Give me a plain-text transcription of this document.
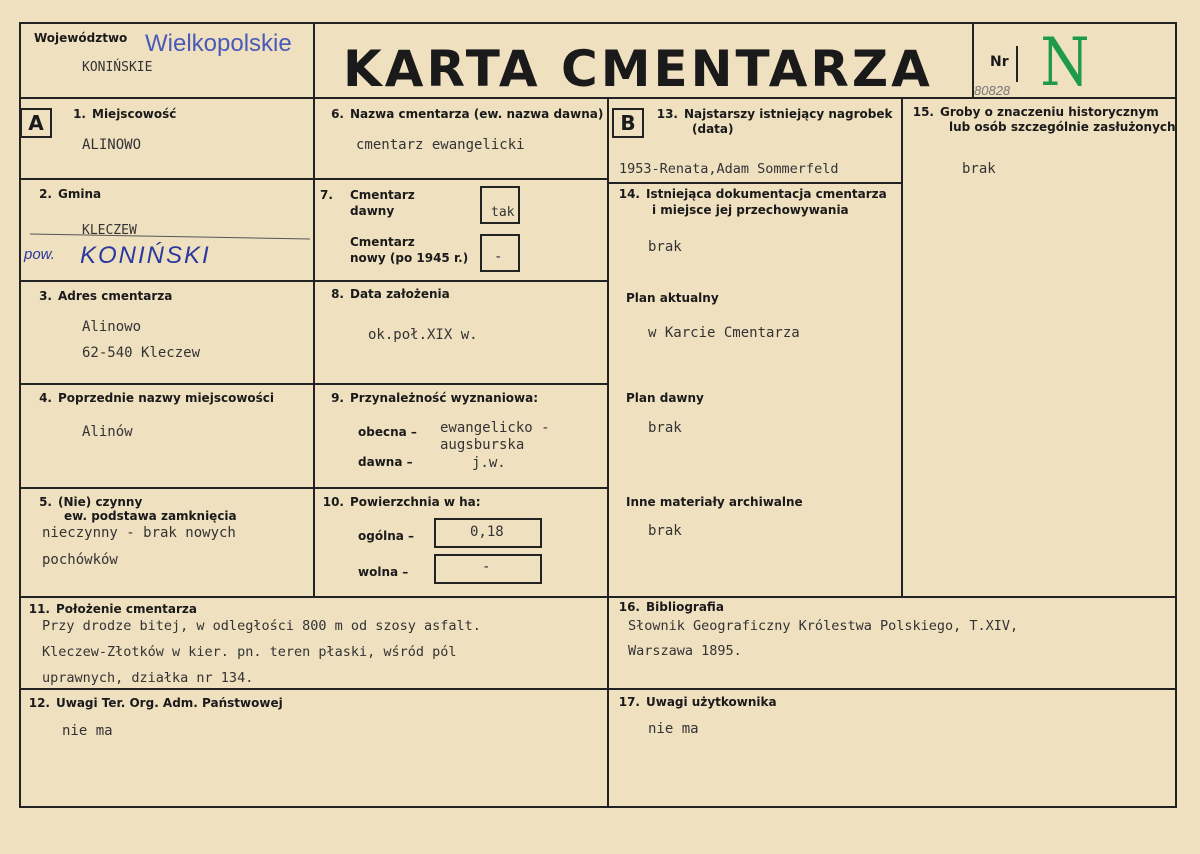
Województwo Wielkopolskie
KONIŃSKIE	KARTA CMENTARZA	Nr N
80828
A	1. Miejscowość
ALINOWO
2. Gmina
KLECZEW
pow. KONIŃSKI
3. Adres cmentarza
Alinowo
62-540 Kleczew
4. Poprzednie nazwy miejscowości
Alinów
5. (Nie) czynny
ew. podstawa zamknięcia
nieczynny - brak nowych
pochówków
6. Nazwa cmentarza (ew. nazwa dawna)
cmentarz ewangelicki
7. Cmentarz
dawny	tak
Cmentarz
nowy (po 1945 r.) -
8. Data założenia
ok.poł.XIX w.
9. Przynależność wyznaniowa:
obecna – ewangelicko -
augsburska
dawna –	j.w.
10. Powierzchnia w ha:
ogólna –	0,18
wolna –	-
B	13. Najstarszy istniejący nagrobek
(data)
1953-Renata,Adam Sommerfeld
14. Istniejąca dokumentacja cmentarza
i miejsce jej przechowywania
brak
Plan aktualny
w Karcie Cmentarza
Plan dawny
brak
Inne materiały archiwalne
brak
15. Groby o znaczeniu historycznym
lub osób szczególnie zasłużonych
brak
11. Położenie cmentarza
Przy drodze bitej, w odległości 800 m od szosy asfalt.
Kleczew-Złotków w kier. pn. teren płaski, wśród pól
uprawnych, działka nr 134.
16. Bibliografia
Słownik Geograficzny Królestwa Polskiego, T.XIV,
Warszawa 1895.
12. Uwagi Ter. Org. Adm. Państwowej
nie ma
17. Uwagi użytkownika
nie ma
